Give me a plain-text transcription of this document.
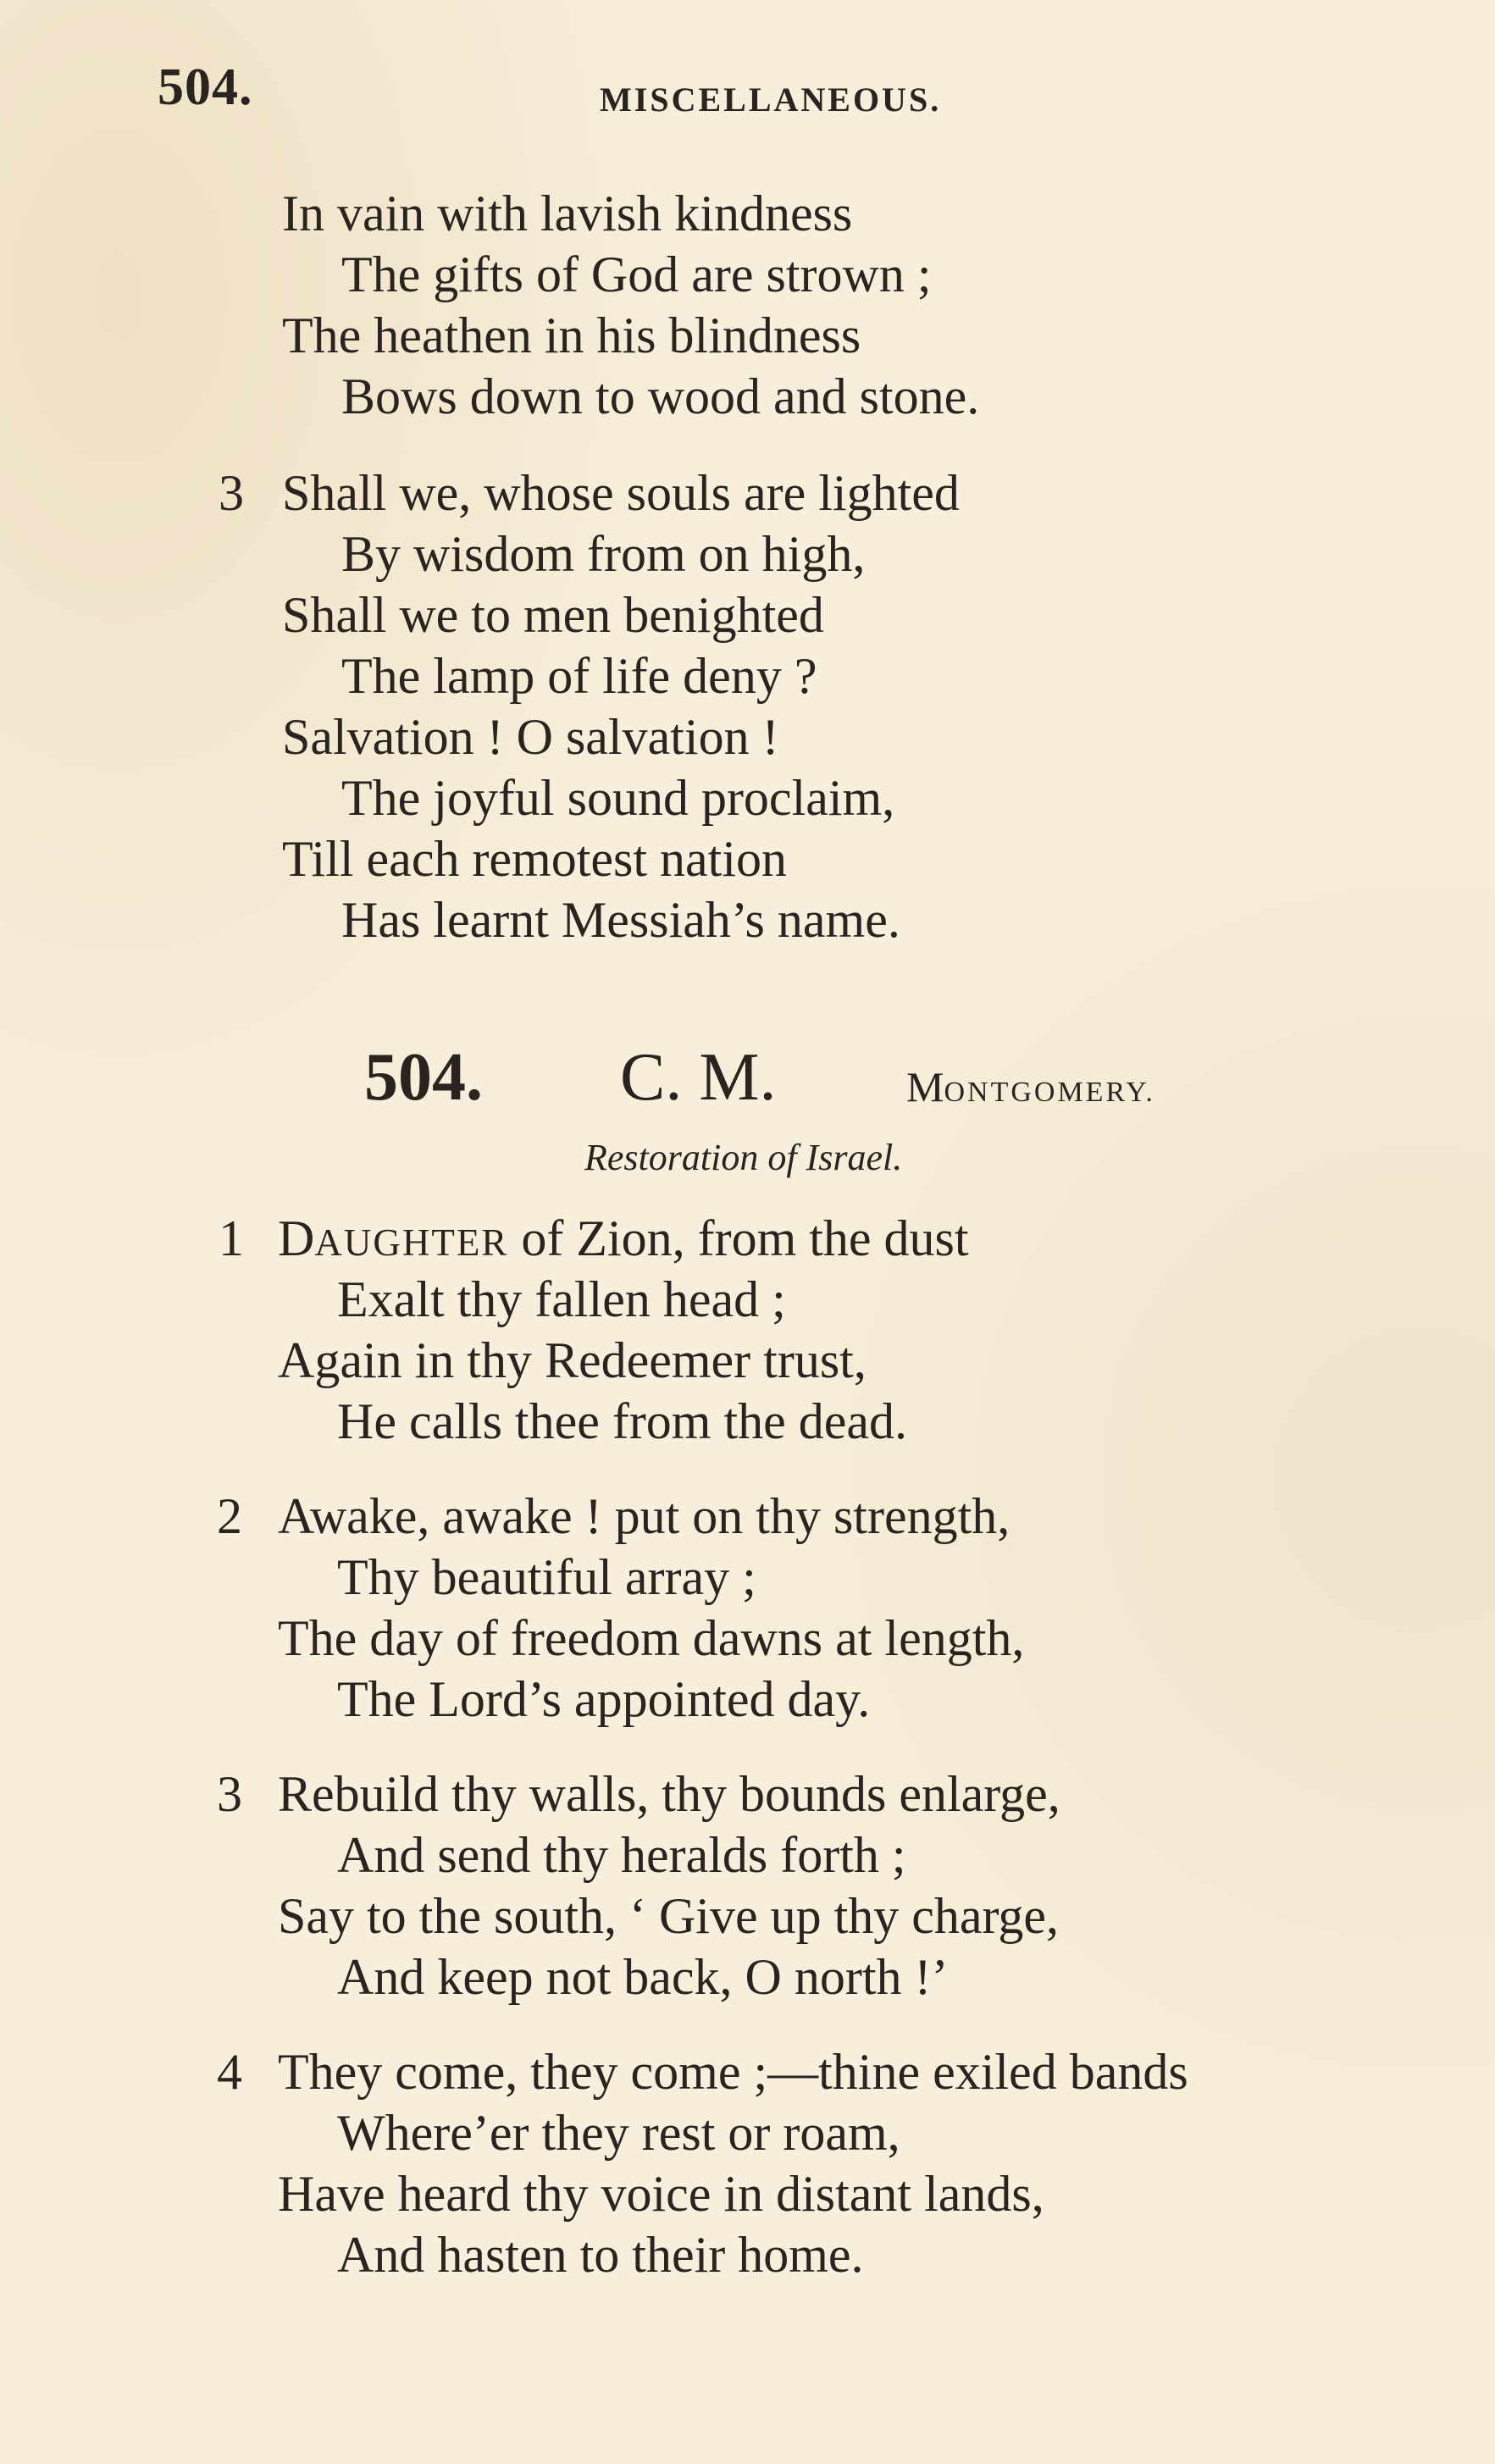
504.	MISCELLANEOUS.
In vain with lavish kindness
The gifts of God are strown ;
The heathen in his blindness
Bows down to wood and stone.
3 Shall we, whose souls are lighted
By wisdom from on high,
Shall we to men benighted
The lamp of life deny ?
Salvation ! O salvation !
The joyful sound proclaim,
Till each remotest nation
Has learnt Messiah’s name.
504. C. M.	MONTGOMERY.
Restoration of Israel.
1 DAUGHTER of Zion, from the dust
Exalt thy fallen head ;
Again in thy Redeemer trust,
He calls thee from the dead.
2 Awake, awake ! put on thy strength,
Thy beautiful array ;
The day of freedom dawns at length,
The Lord’s appointed day.
3 Rebuild thy walls, thy bounds enlarge,
And send thy heralds forth ;
Say to the south, ‘ Give up thy charge,
And keep not back, O north !’
4 They come, they come ;—thine exiled bands
Where’er they rest or roam,
Have heard thy voice in distant lands,
And hasten to their home.
